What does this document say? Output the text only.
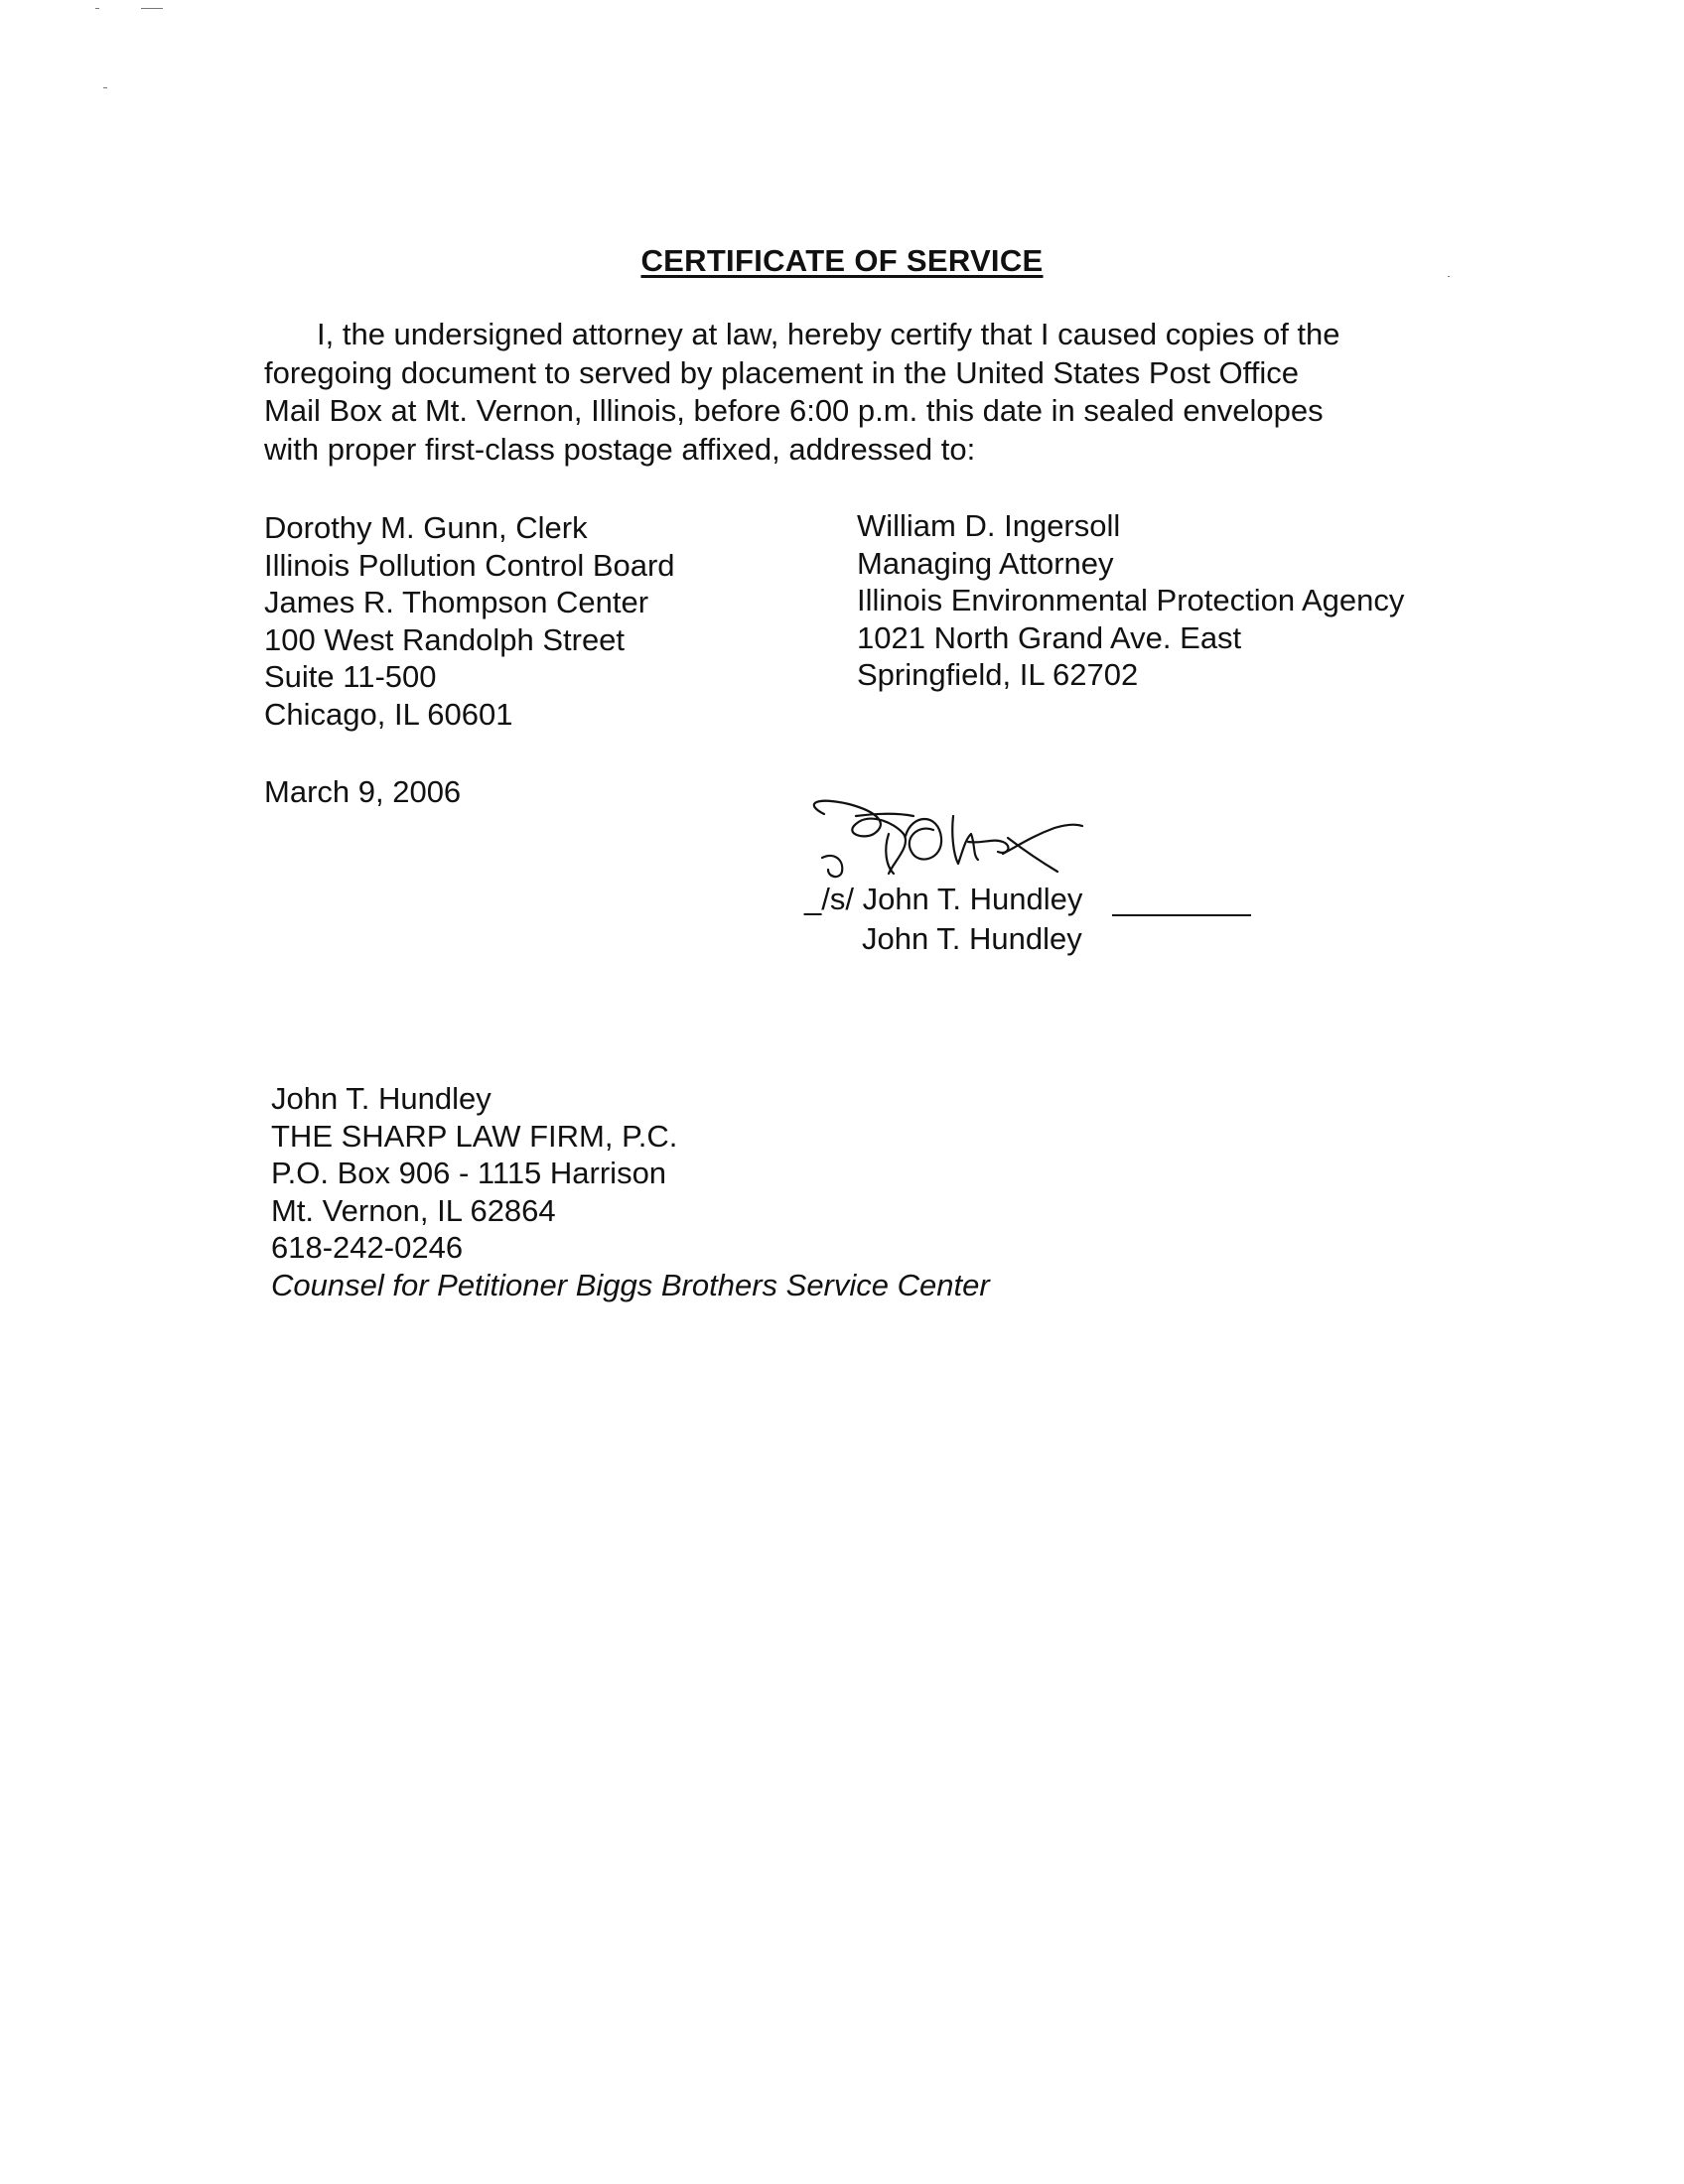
CERTIFICATE OF SERVICE
I, the undersigned attorney at law, hereby certify that I caused copies of the
foregoing document to served by placement in the United States Post Office
Mail Box at Mt. Vernon, Illinois, before 6:00 p.m. this date in sealed envelopes
with proper first-class postage affixed, addressed to:
Dorothy M. Gunn, Clerk
Illinois Pollution Control Board
James R. Thompson Center
100 West Randolph Street
Suite 11-500
Chicago, IL 60601
William D. Ingersoll
Managing Attorney
Illinois Environmental Protection Agency
1021 North Grand Ave. East
Springfield, IL 62702
March 9, 2006
_/s/ John T. Hundley
John T. Hundley
John T. Hundley
THE SHARP LAW FIRM, P.C.
P.O. Box 906 - 1115 Harrison
Mt. Vernon, IL 62864
618-242-0246
Counsel for Petitioner Biggs Brothers Service Center
